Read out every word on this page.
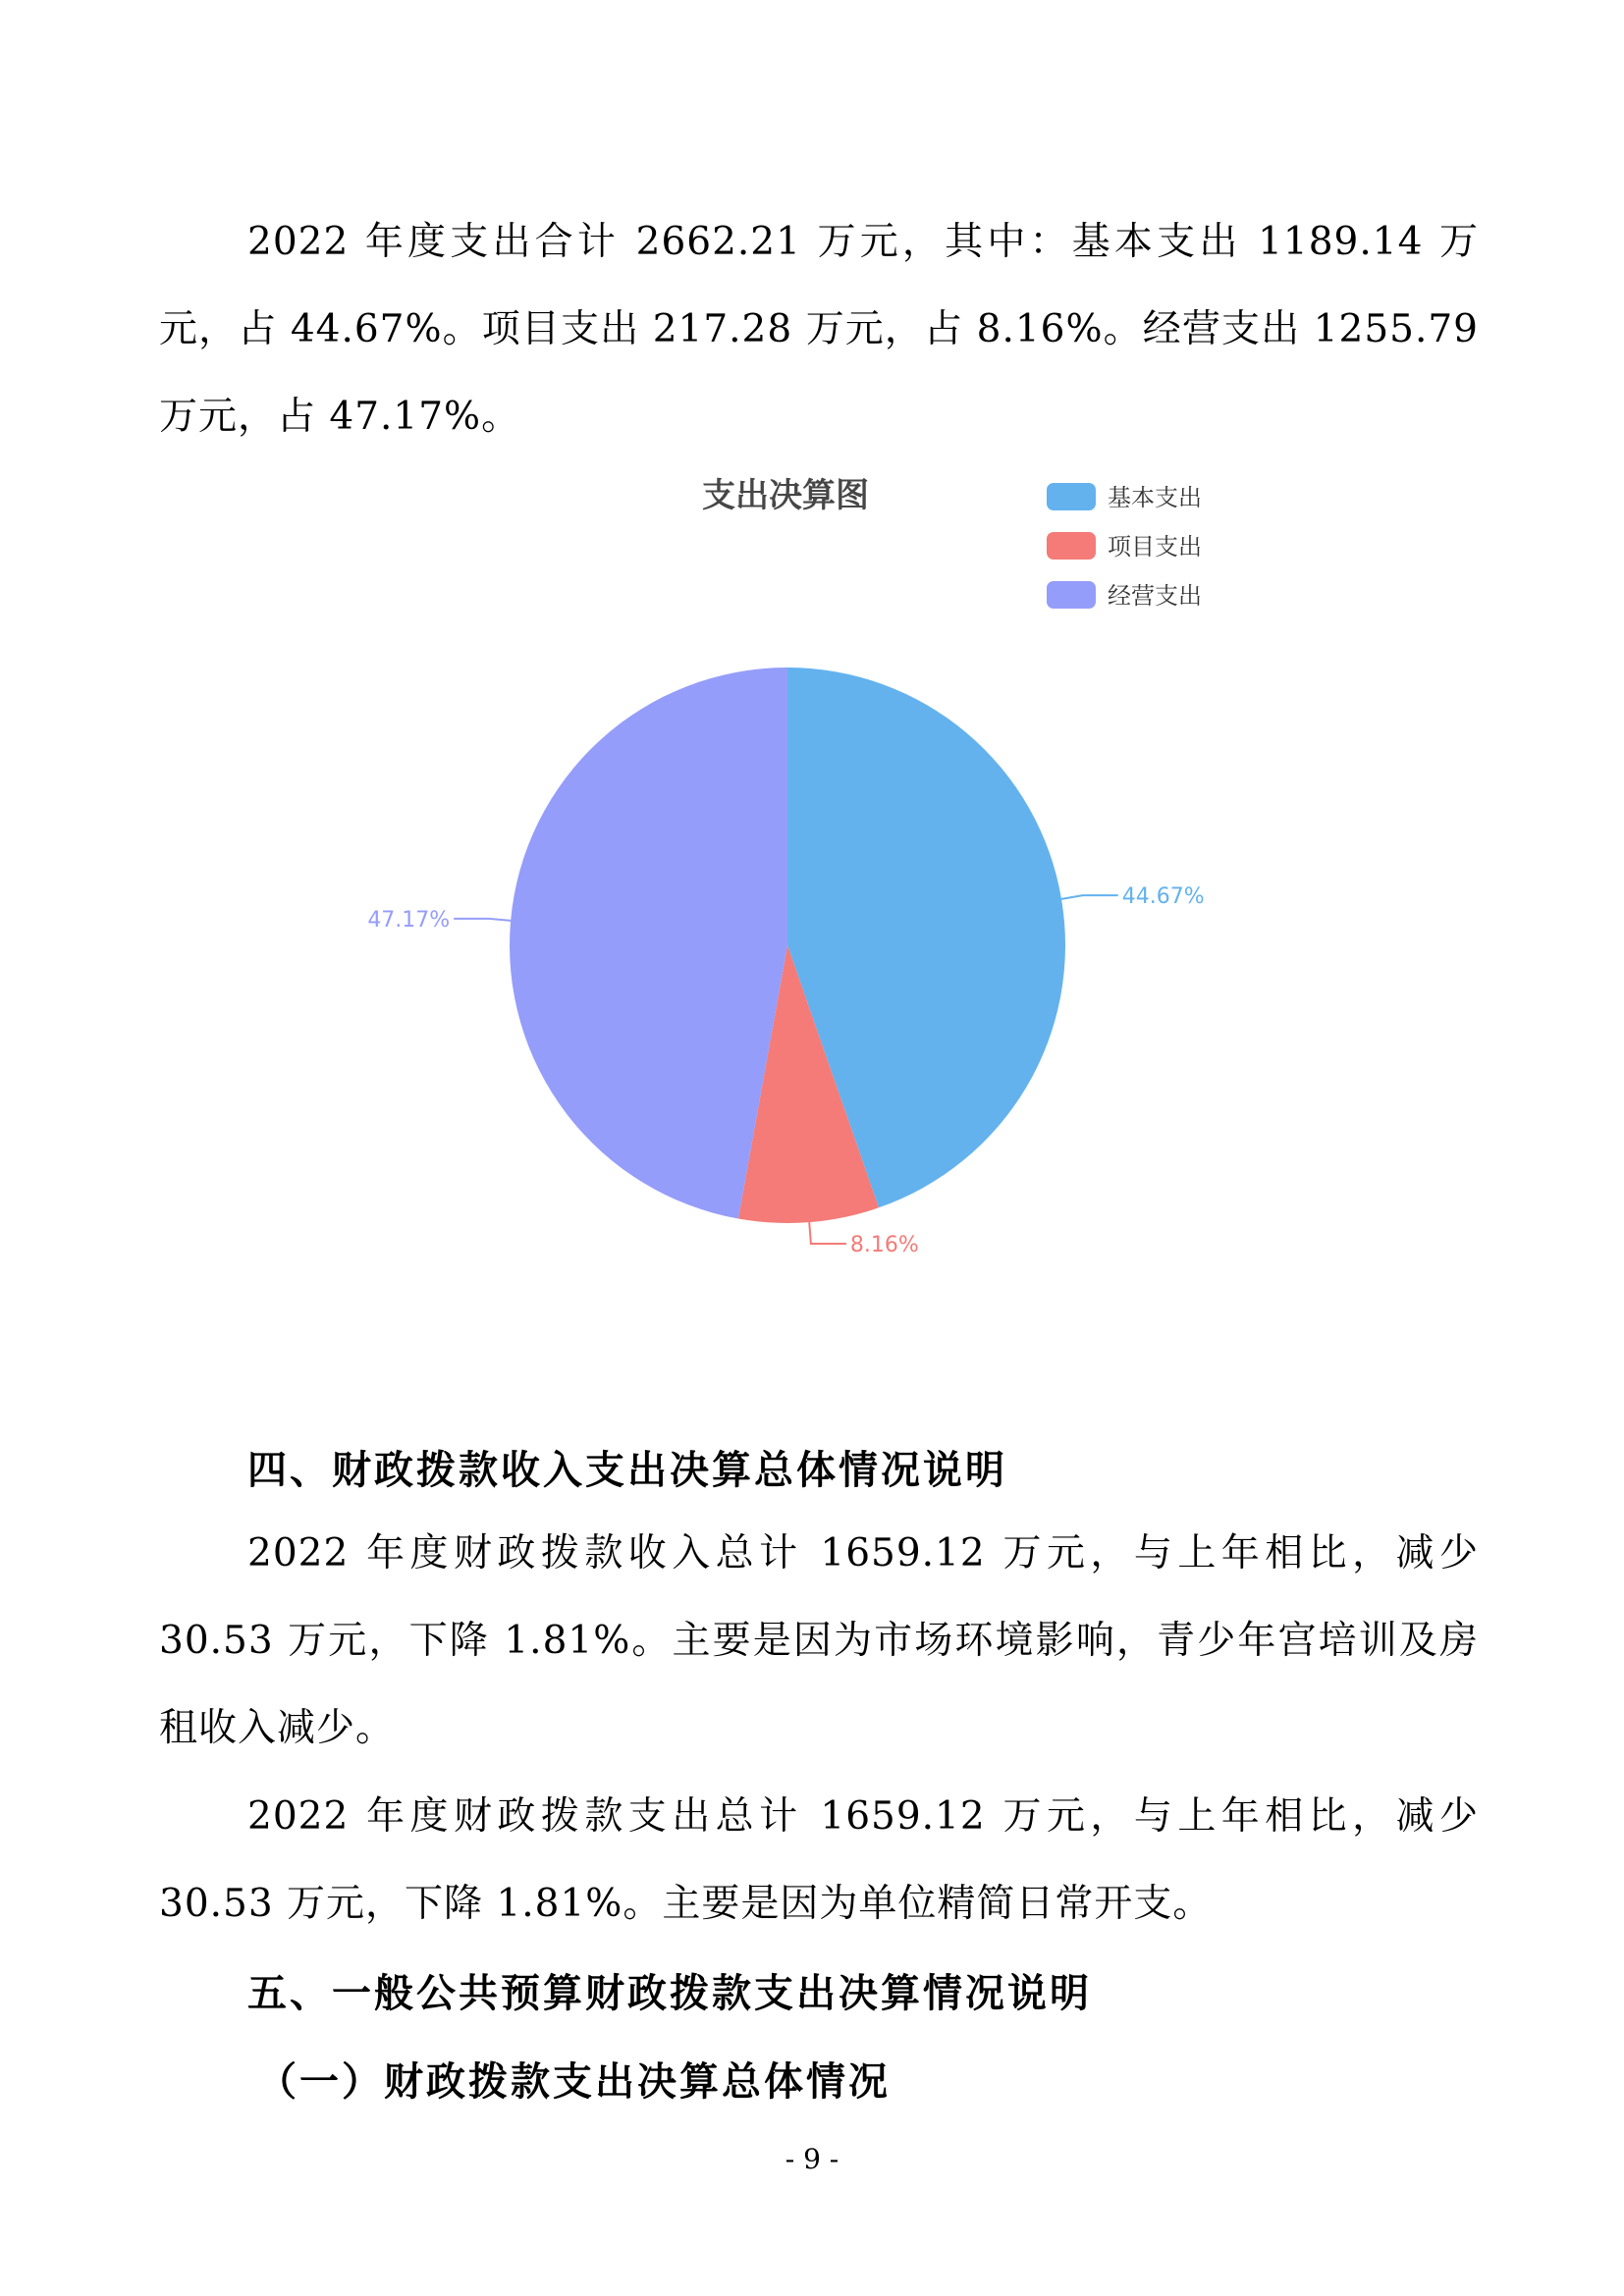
2022 年度支出合计 2662.21 万元，其中：基本支出 1189.14 万元，占 44.67%。项目支出 217.28 万元，占 8.16%。经营支出 1255.79 万元，占 47.17%。

支出决算图	基本支出
项目支出
经营支出
44.67%
8.16%
47.17%
四、财政拨款收入支出决算总体情况说明

2022 年度财政拨款收入总计 1659.12 万元，与上年相比，减少 30.53 万元，下降 1.81%。主要是因为市场环境影响，青少年宫培训及房租收入减少。

2022 年度财政拨款支出总计 1659.12 万元，与上年相比，减少 30.53 万元，下降 1.81%。主要是因为单位精简日常开支。

五、一般公共预算财政拨款支出决算情况说明
（一）财政拨款支出决算总体情况
- 9 -
